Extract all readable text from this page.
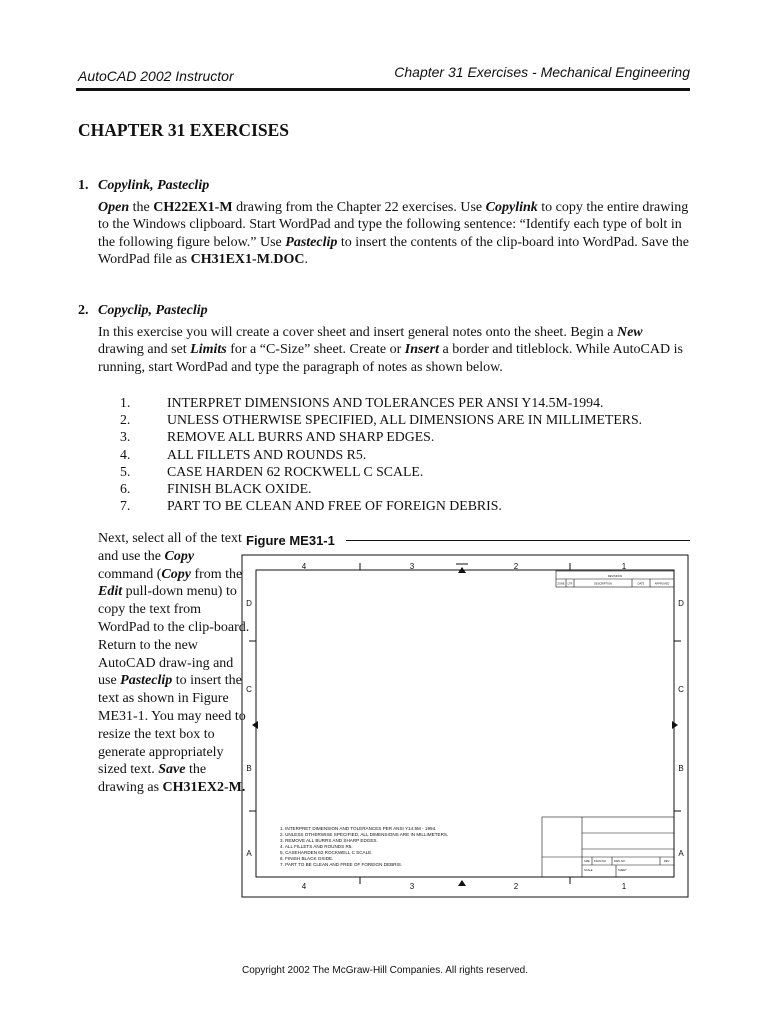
AutoCAD 2002 Instructor	Chapter 31 Exercises - Mechanical Engineering
CHAPTER 31 EXERCISES
1. Copylink, Pasteclip
Open the CH22EX1-M drawing from the Chapter 22 exercises. Use Copylink to copy the entire drawing to the Windows clipboard. Start WordPad and type the following sentence: “Identify each type of bolt in the following figure below.” Use Pasteclip to insert the contents of the clip-board into WordPad. Save the WordPad file as CH31EX1-M.DOC.
2. Copyclip, Pasteclip
In this exercise you will create a cover sheet and insert general notes onto the sheet. Begin a New drawing and set Limits for a “C-Size” sheet. Create or Insert a border and titleblock. While AutoCAD is running, start WordPad and type the paragraph of notes as shown below.
1.	INTERPRET DIMENSIONS AND TOLERANCES PER ANSI Y14.5M-1994.
2.	UNLESS OTHERWISE SPECIFIED, ALL DIMENSIONS ARE IN MILLIMETERS.
3.	REMOVE ALL BURRS AND SHARP EDGES.
4.	ALL FILLETS AND ROUNDS R5.
5.	CASE HARDEN 62 ROCKWELL C SCALE.
6.	FINISH BLACK OXIDE.
7.	PART TO BE CLEAN AND FREE OF FOREIGN DEBRIS.
Next, select all of the text and use the Copy command (Copy from the Edit pull-down menu) to copy the text from WordPad to the clip-board. Return to the new AutoCAD draw-ing and use Pasteclip to insert the text as shown in Figure ME31-1. You may need to resize the text box to generate appropriately sized text. Save the drawing as CH31EX2-M.
Figure ME31-1
4	3	2	1
4	3	2	1
D
C
B
A
D
C
B
A
REVISIONS
ZONE LTR	DESCRIPTION	DATE	APPROVED
SIZE FSCM NO.	DWG NO.	REV
SCALE	SHEET
1. INTERPRET DIMENSION AND TOLERANCES PER ANSI Y14.5M - 1994.
2. UNLESS OTHERWISE SPECIFIED, ALL DIMENSIONS ARE IN MILLIMETERS.
3. REMOVE ALL BURRS AND SHARP EDGES.
4. ALL FILLETS AND ROUNDS R5.
5. CASEHARDEN 62 ROCKWELL C SCALE.
6. FINISH BLACK OXIDE.
7. PART TO BE CLEAN AND FREE OF FOREIGN DEBRIS.
Copyright 2002 The McGraw-Hill Companies. All rights reserved.
